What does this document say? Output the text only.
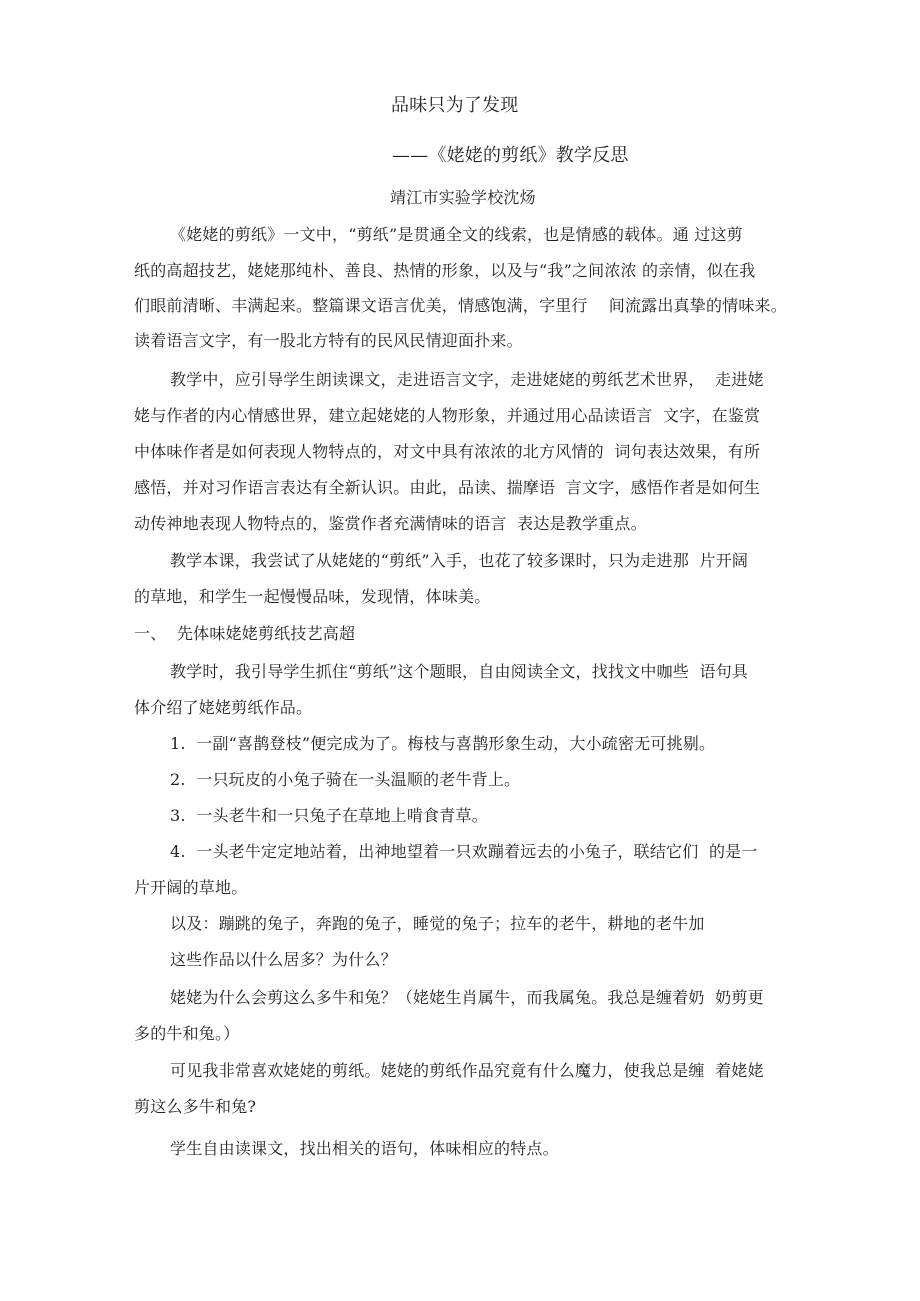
品味只为了发现

——《姥姥的剪纸》教学反思

靖江市实验学校沈炀

《姥姥的剪纸》一文中，“剪纸”是贯通全文的线索，也是情感的载体。通 过这剪

纸的高超技艺，姥姥那纯朴、善良、热情的形象，以及与“我”之间浓浓 的亲情，似在我

们眼前清晰、丰满起来。整篇课文语言优美，情感饱满，字里行    间流露出真挚的情味来。

读着语言文字，有一股北方特有的民风民情迎面扑来。

教学中，应引导学生朗读课文，走进语言文字，走进姥姥的剪纸艺术世界，  走进姥

姥与作者的内心情感世界，建立起姥姥的人物形象，并通过用心品读语言  文字，在鉴赏

中体味作者是如何表现人物特点的，对文中具有浓浓的北方风情的  词句表达效果，有所

感悟，并对习作语言表达有全新认识。由此，品读、揣摩语  言文字，感悟作者是如何生

动传神地表现人物特点的，鉴赏作者充满情味的语言  表达是教学重点。

教学本课，我尝试了从姥姥的“剪纸”入手，也花了较多课时，只为走进那  片开阔

的草地，和学生一起慢慢品味，发现情，体味美。

一、  先体味姥姥剪纸技艺高超

教学时，我引导学生抓住“剪纸”这个题眼，自由阅读全文，找找文中咖些  语句具

体介绍了姥姥剪纸作品。

1.  一副“喜鹊登枝”便完成为了。梅枝与喜鹊形象生动，大小疏密无可挑剔。

2.  一只玩皮的小兔子骑在一头温顺的老牛背上。

3.  一头老牛和一只兔子在草地上啃食青草。

4.  一头老牛定定地站着，出神地望着一只欢蹦着远去的小兔子，联结它们  的是一

片开阔的草地。

以及：蹦跳的兔子，奔跑的兔子，睡觉的兔子；拉车的老牛，耕地的老牛加

这些作品以什么居多？为什么？

姥姥为什么会剪这么多牛和兔？（姥姥生肖属牛，而我属兔。我总是缠着奶  奶剪更

多的牛和兔。）

可见我非常喜欢姥姥的剪纸。姥姥的剪纸作品究竟有什么魔力，使我总是缠  着姥姥

剪这么多牛和兔?

学生自由读课文，找出相关的语句，体味相应的特点。
